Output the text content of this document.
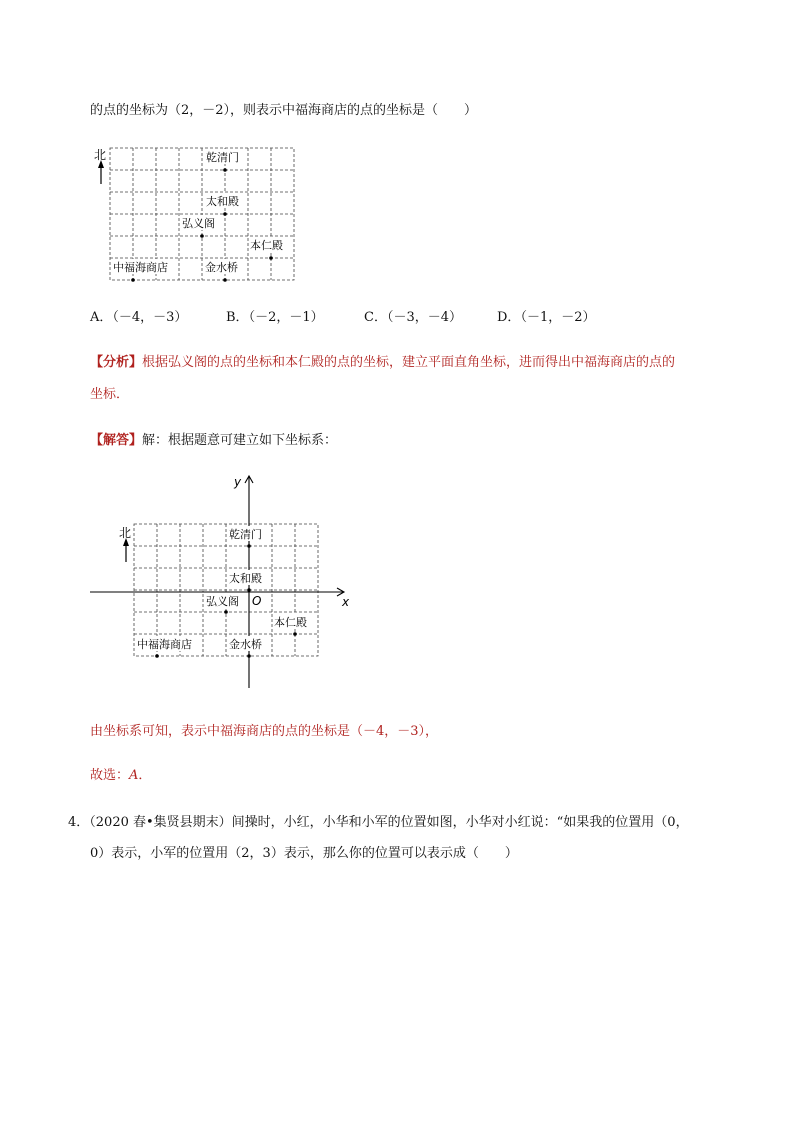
的点的坐标为（2，－2），则表示中福海商店的点的坐标是（　　）
北	乾清门
太和殿
弘义阁
本仁殿
中福海商店	金水桥
A．（－4，－3）	B．（－2，－1）	C．（－3，－4）	D．（－1，－2）
【分析】根据弘义阁的点的坐标和本仁殿的点的坐标，建立平面直角坐标，进而得出中福海商店的点的
坐标．
【解答】解：根据题意可建立如下坐标系：
x
y
O
北	乾清门
太和殿
弘义阁
本仁殿
中福海商店	金水桥
由坐标系可知，表示中福海商店的点的坐标是（－4，－3），
故选：A．
4．（2020 春•集贤县期末）间操时，小红，小华和小军的位置如图，小华对小红说：“如果我的位置用（0，
0）表示，小军的位置用（2，3）表示，那么你的位置可以表示成（　　）
